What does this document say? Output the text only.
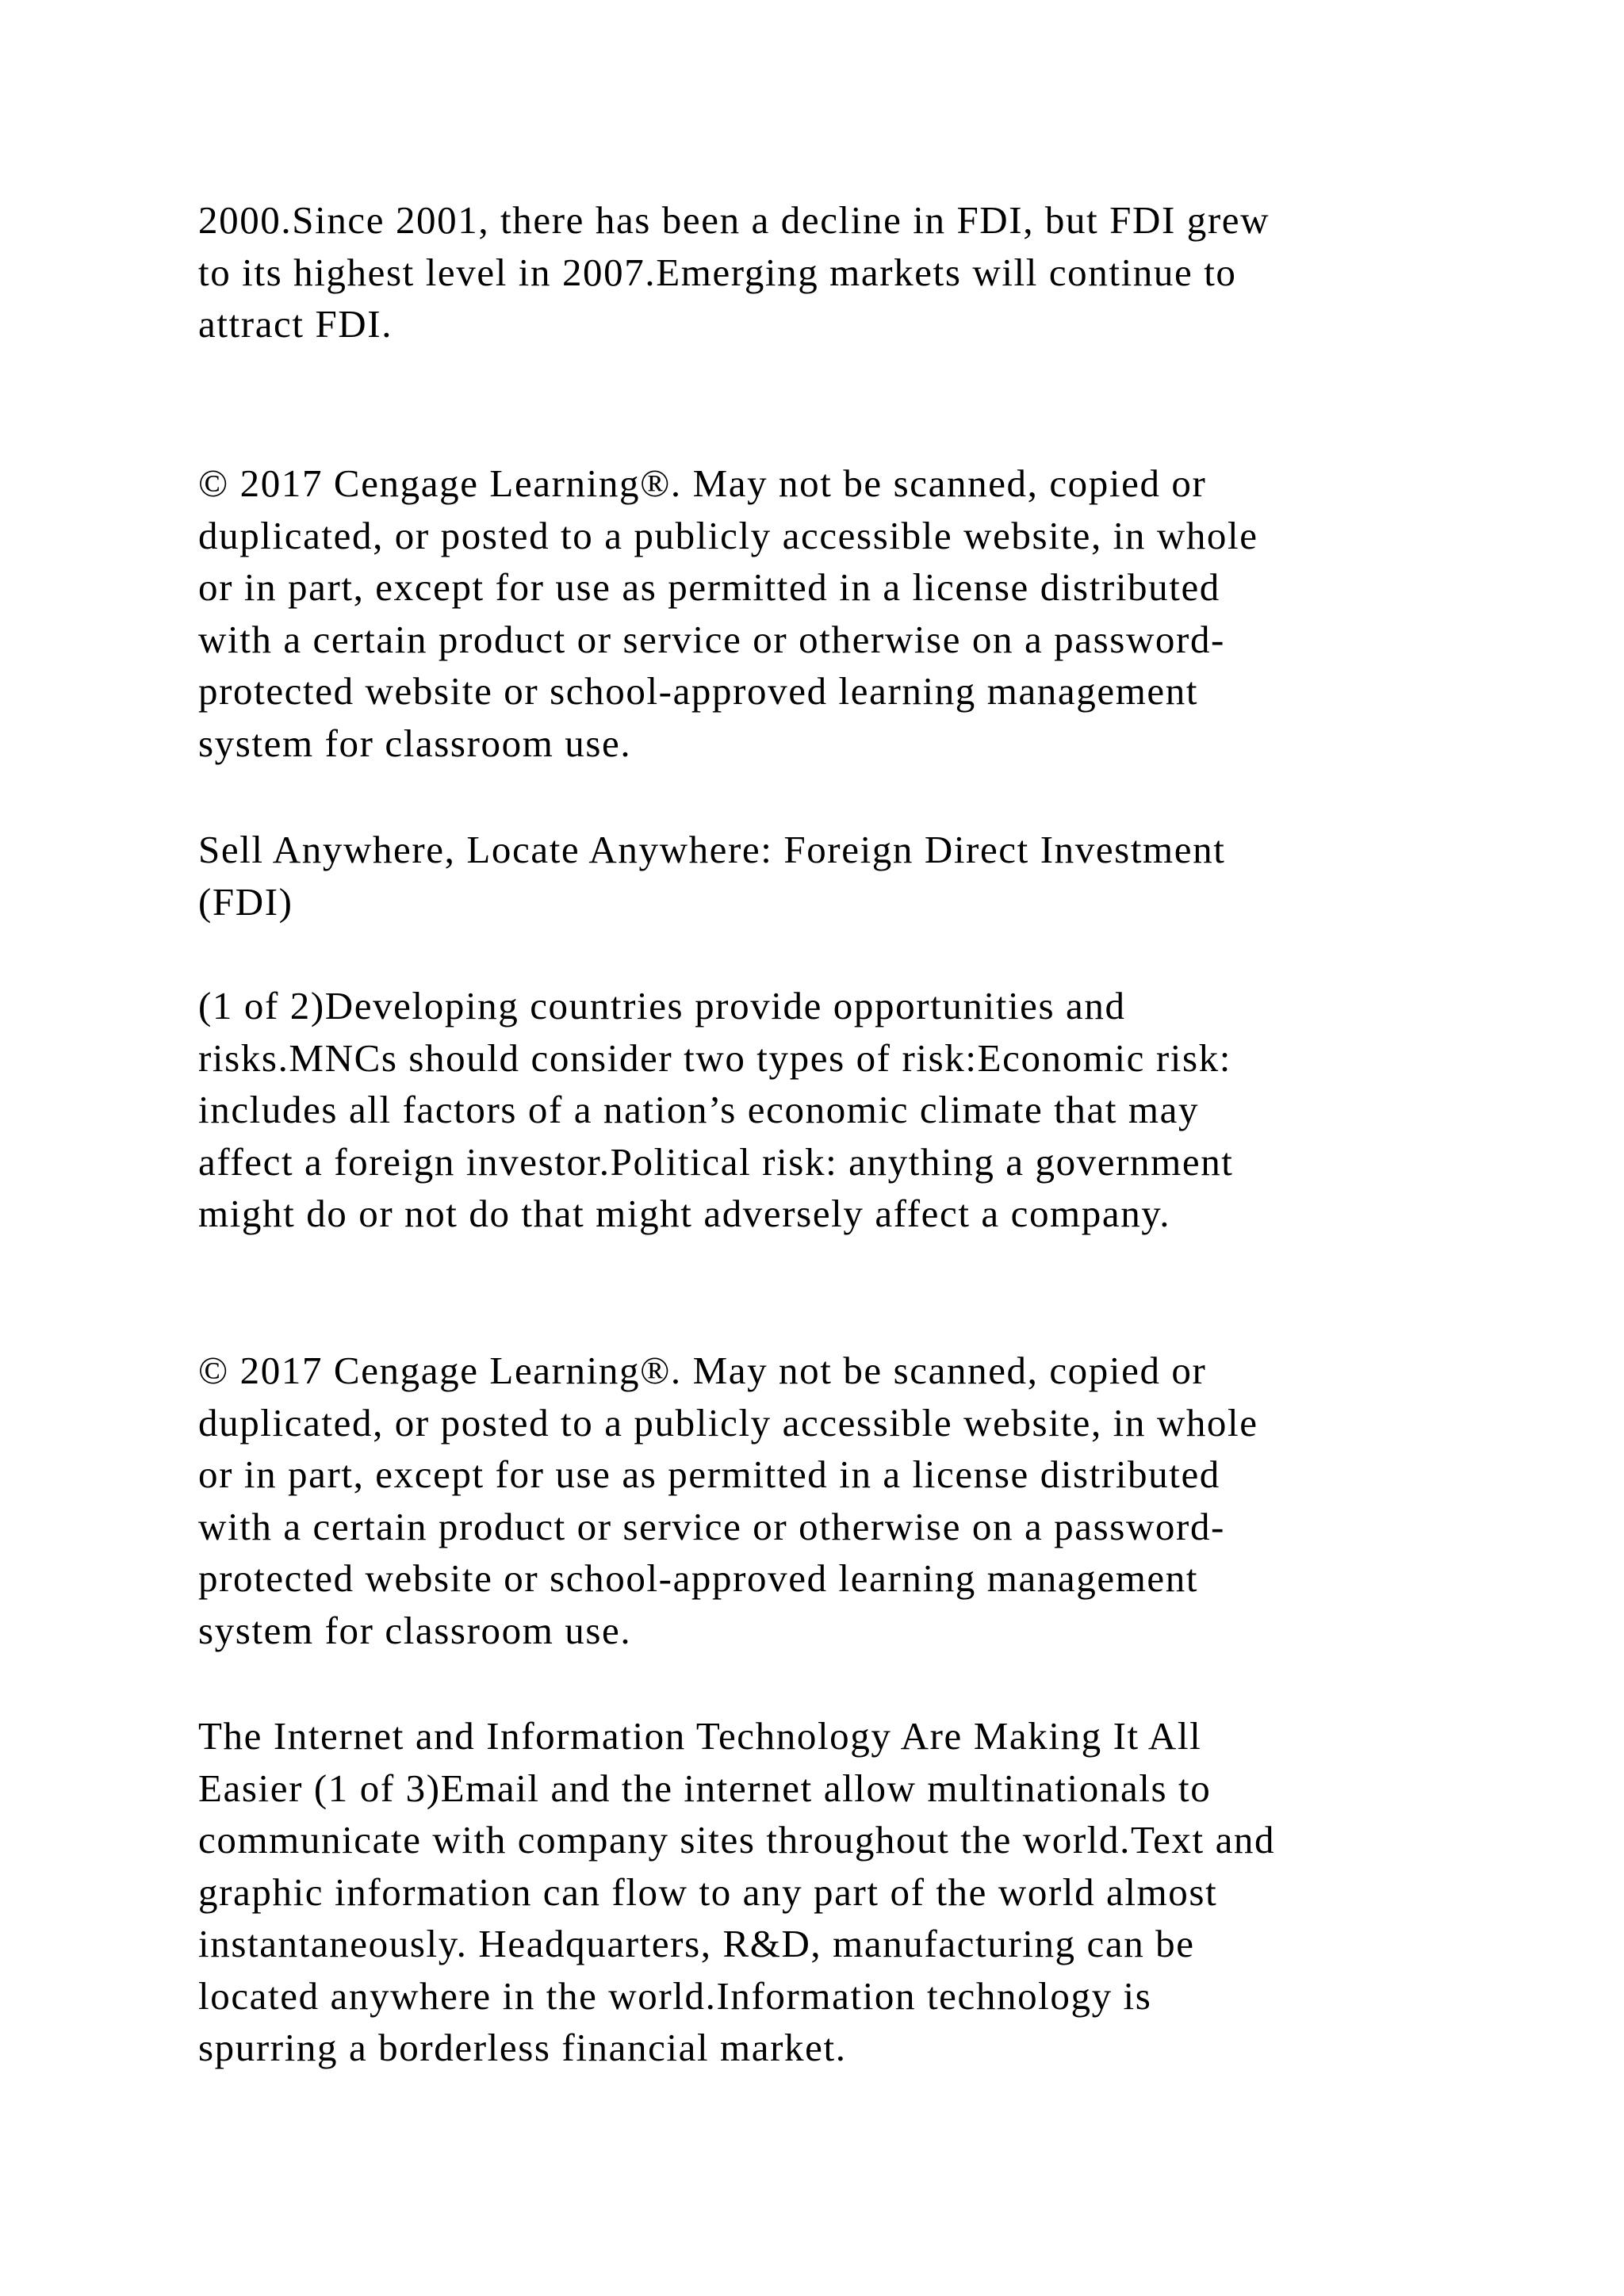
2000.Since 2001, there has been a decline in FDI, but FDI grew
to its highest level in 2007.Emerging markets will continue to
attract FDI.

© 2017 Cengage Learning®. May not be scanned, copied or
duplicated, or posted to a publicly accessible website, in whole
or in part, except for use as permitted in a license distributed
with a certain product or service or otherwise on a password-
protected website or school-approved learning management
system for classroom use.

Sell Anywhere, Locate Anywhere: Foreign Direct Investment
(FDI)

(1 of 2)Developing countries provide opportunities and
risks.MNCs should consider two types of risk:Economic risk:
includes all factors of a nation’s economic climate that may
affect a foreign investor.Political risk: anything a government
might do or not do that might adversely affect a company.

© 2017 Cengage Learning®. May not be scanned, copied or
duplicated, or posted to a publicly accessible website, in whole
or in part, except for use as permitted in a license distributed
with a certain product or service or otherwise on a password-
protected website or school-approved learning management
system for classroom use.

The Internet and Information Technology Are Making It All
Easier (1 of 3)Email and the internet allow multinationals to
communicate with company sites throughout the world.Text and
graphic information can flow to any part of the world almost
instantaneously. Headquarters, R&D, manufacturing can be
located anywhere in the world.Information technology is
spurring a borderless financial market.
